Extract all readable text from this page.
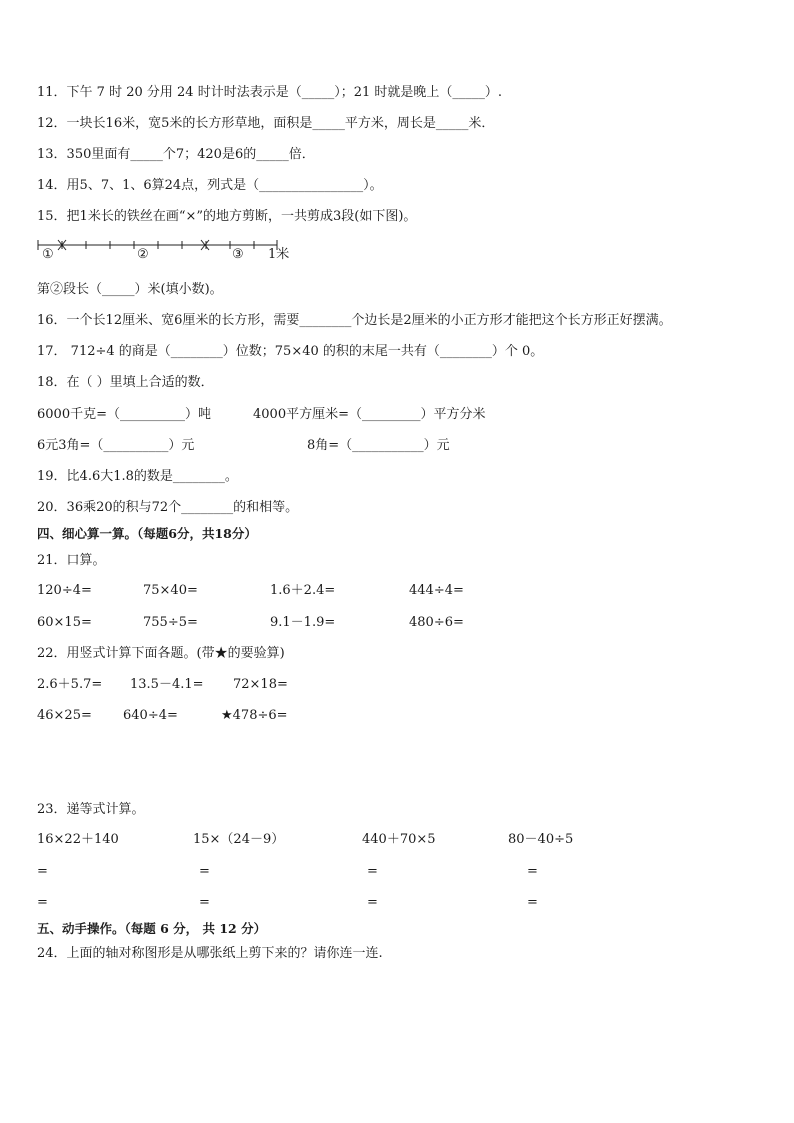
11．下午 7 时 20 分用 24 时计时法表示是（_____）；21 时就是晚上（_____）.
12．一块长16米，宽5米的长方形草地，面积是_____平方米，周长是_____米．
13．350里面有_____个7；420是6的_____倍．
14．用5、7、1、6算24点，列式是（________________）。
15．把1米长的铁丝在画“×”的地方剪断，一共剪成3段(如下图)。
①	②	③ 1米
第②段长（_____）米(填小数)。
16．一个长12厘米、宽6厘米的长方形，需要________个边长是2厘米的小正方形才能把这个长方形正好摆满。
17． 712÷4 的商是（________）位数；75×40 的积的末尾一共有（________）个 0。
18．在（ ）里填上合适的数．
6000千克=（__________）吨	4000平方厘米=（_________）平方分米
6元3角=（__________）元	8角=（___________）元
19．比4.6大1.8的数是________。
20．36乘20的积与72个________的和相等。
四、细心算一算。（每题6分，共18分）
21．口算。
120÷4=	75×40=	1.6＋2.4=	444÷4=
60×15=	755÷5=	9.1－1.9=	480÷6=
22．用竖式计算下面各题。(带★的要验算)
2.6＋5.7= 13.5－4.1= 72×18=
46×25= 640÷4=	★478÷6=
23．递等式计算。
16×22＋140	15×（24－9）	440＋70×5	80－40÷5
=	=	=	=
=	=	=	=
五、动手操作。（每题 6 分， 共 12 分）
24．上面的轴对称图形是从哪张纸上剪下来的？请你连一连.
